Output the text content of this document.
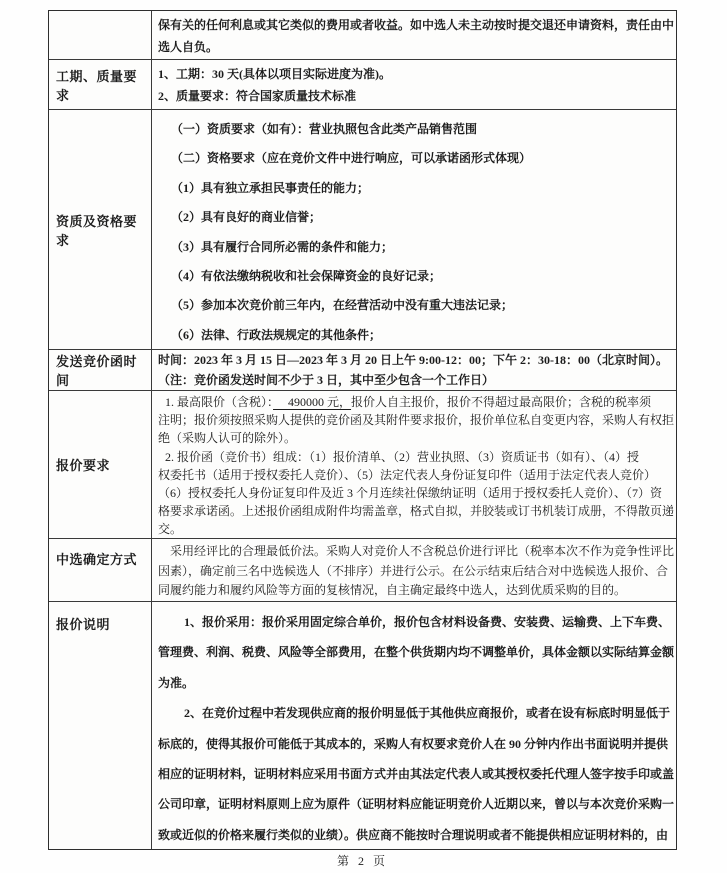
保有关的任何利息或其它类似的费用或者收益。如中选人未主动按时提交退还申请资料，责任由中
选人自负。
工期、质量要求
1、工期：30 天(具体以项目实际进度为准)。
2、质量要求：符合国家质量技术标准
资质及资格要求
（一）资质要求（如有）：营业执照包含此类产品销售范围
（二）资格要求（应在竞价文件中进行响应，可以承诺函形式体现）
（1）具有独立承担民事责任的能力；
（2）具有良好的商业信誉；
（3）具有履行合同所必需的条件和能力；
（4）有依法缴纳税收和社会保障资金的良好记录；
（5）参加本次竞价前三年内，在经营活动中没有重大违法记录；
（6）法律、行政法规规定的其他条件；
发送竞价函时间
时间：2023 年 3 月 15 日—2023 年 3 月 20 日上午 9:00-12：00；下午 2：30-18：00（北京时间）。
（注：竞价函发送时间不少于 3 日，其中至少包含一个工作日）
报价要求
1. 最高限价（含税）：　 490000 元，报价人自主报价，报价不得超过最高限价；含税的税率须
注明；报价须按照采购人提供的竞价函及其附件要求报价，报价单位私自变更内容，采购人有权拒
绝（采购人认可的除外）。
2. 报价函（竞价书）组成：（1）报价清单、（2）营业执照、（3）资质证书（如有）、（4）授
权委托书（适用于授权委托人竞价）、（5）法定代表人身份证复印件（适用于法定代表人竞价）
（6）授权委托人身份证复印件及近 3 个月连续社保缴纳证明（适用于授权委托人竞价）、（7）资
格要求承诺函。上述报价函组成附件均需盖章，格式自拟，并胶装或订书机装订成册，不得散页递
交。
中选确定方式
采用经评比的合理最低价法。采购人对竞价人不含税总价进行评比（税率本次不作为竞争性评比
因素），确定前三名中选候选人（不排序）并进行公示。在公示结束后结合对中选候选人报价、合
同履约能力和履约风险等方面的复核情况，自主确定最终中选人，达到优质采购的目的。
报价说明	1、报价采用：报价采用固定综合单价，报价包含材料设备费、安装费、运输费、上下车费、
管理费、利润、税费、风险等全部费用，在整个供货期内均不调整单价，具体金额以实际结算金额
为准。
2、在竞价过程中若发现供应商的报价明显低于其他供应商报价，或者在设有标底时明显低于
标底的，使得其报价可能低于其成本的，采购人有权要求竞价人在 90 分钟内作出书面说明并提供
相应的证明材料，证明材料应采用书面方式并由其法定代表人或其授权委托代理人签字按手印或盖
公司印章，证明材料原则上应为原件（证明材料应能证明竞价人近期以来，曾以与本次竞价采购一
致或近似的价格来履行类似的业绩）。供应商不能按时合理说明或者不能提供相应证明材料的，由
第 2 页
